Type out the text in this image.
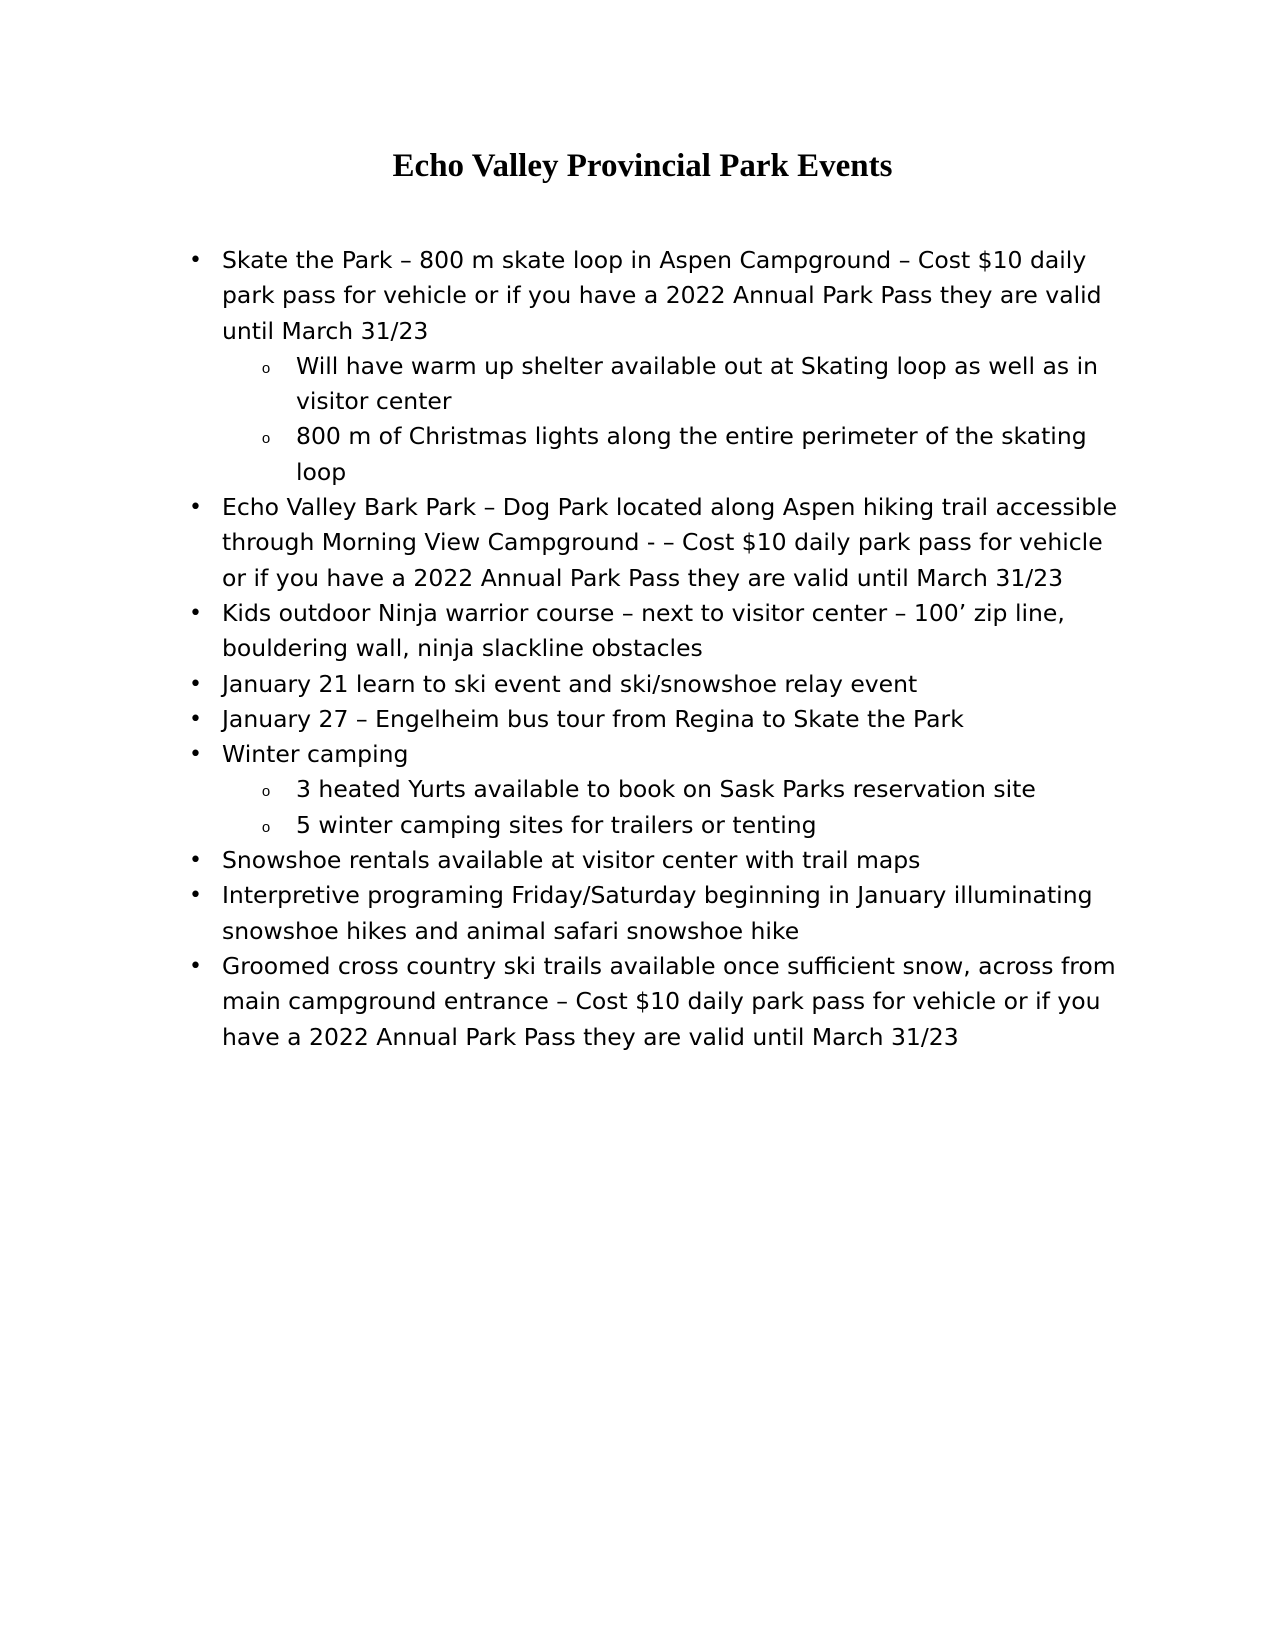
Echo Valley Provincial Park Events
• Skate the Park – 800 m skate loop in Aspen Campground – Cost $10 daily park pass for vehicle or if you have a 2022 Annual Park Pass they are valid until March 31/23
o Will have warm up shelter available out at Skating loop as well as in visitor center
o 800 m of Christmas lights along the entire perimeter of the skating loop
• Echo Valley Bark Park – Dog Park located along Aspen hiking trail accessible through Morning View Campground - – Cost $10 daily park pass for vehicle or if you have a 2022 Annual Park Pass they are valid until March 31/23
• Kids outdoor Ninja warrior course – next to visitor center – 100’ zip line, bouldering wall, ninja slackline obstacles
• January 21 learn to ski event and ski/snowshoe relay event
• January 27 – Engelheim bus tour from Regina to Skate the Park
• Winter camping
o 3 heated Yurts available to book on Sask Parks reservation site
o 5 winter camping sites for trailers or tenting
• Snowshoe rentals available at visitor center with trail maps
• Interpretive programing Friday/Saturday beginning in January illuminating snowshoe hikes and animal safari snowshoe hike
• Groomed cross country ski trails available once sufficient snow, across from main campground entrance – Cost $10 daily park pass for vehicle or if you have a 2022 Annual Park Pass they are valid until March 31/23
